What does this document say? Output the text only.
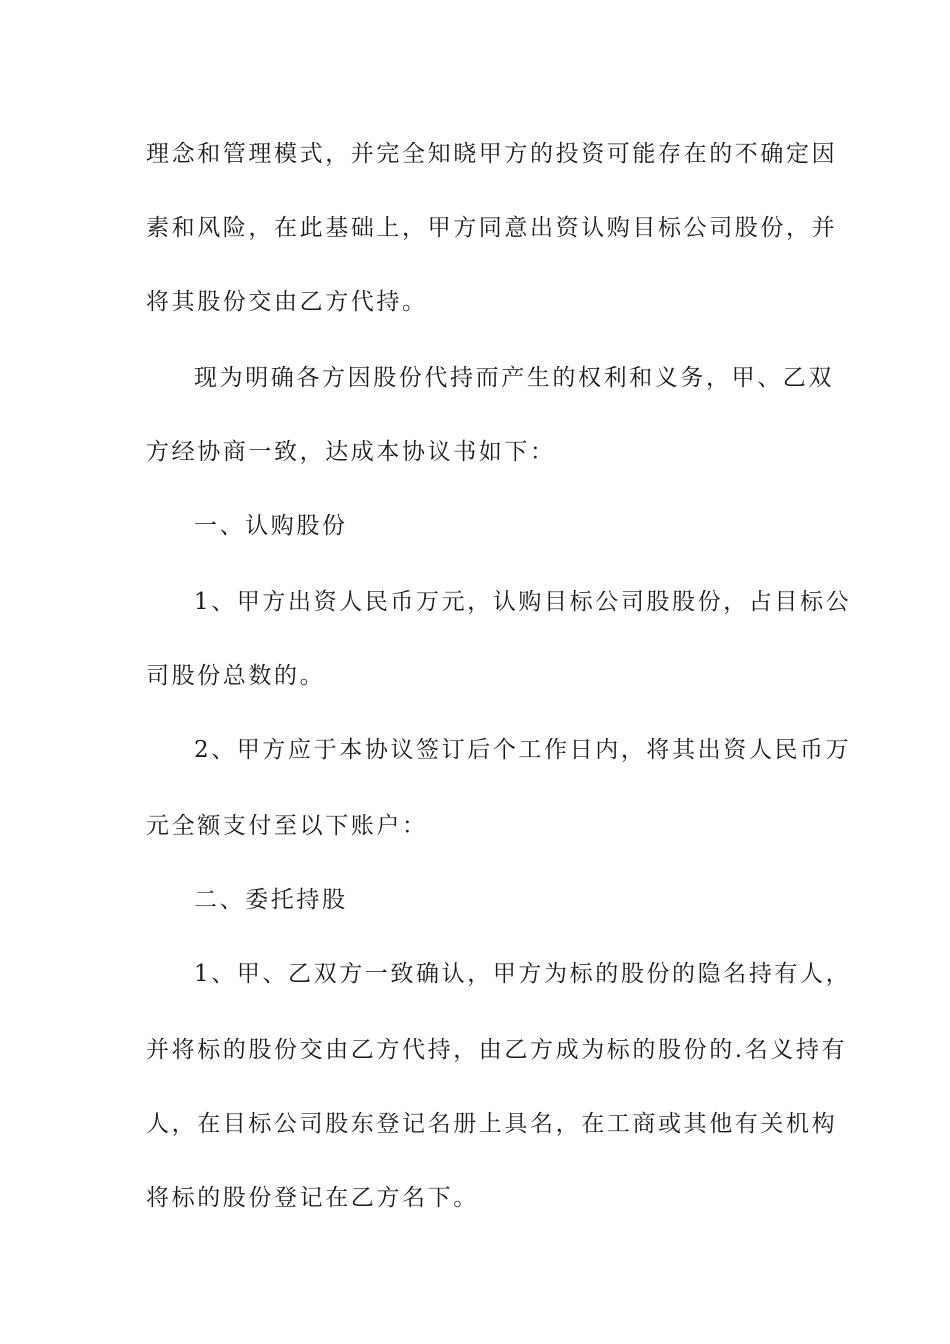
理念和管理模式，并完全知晓甲方的投资可能存在的不确定因
素和风险，在此基础上，甲方同意出资认购目标公司股份，并
将其股份交由乙方代持。
现为明确各方因股份代持而产生的权利和义务，甲、乙双
方经协商一致，达成本协议书如下：
一、认购股份
1、甲方出资人民币万元，认购目标公司股股份，占目标公
司股份总数的。
2、甲方应于本协议签订后个工作日内，将其出资人民币万
元全额支付至以下账户：
二、委托持股
1、甲、乙双方一致确认，甲方为标的股份的隐名持有人，
并将标的股份交由乙方代持，由乙方成为标的股份的.名义持有
人，在目标公司股东登记名册上具名，在工商或其他有关机构
将标的股份登记在乙方名下。
